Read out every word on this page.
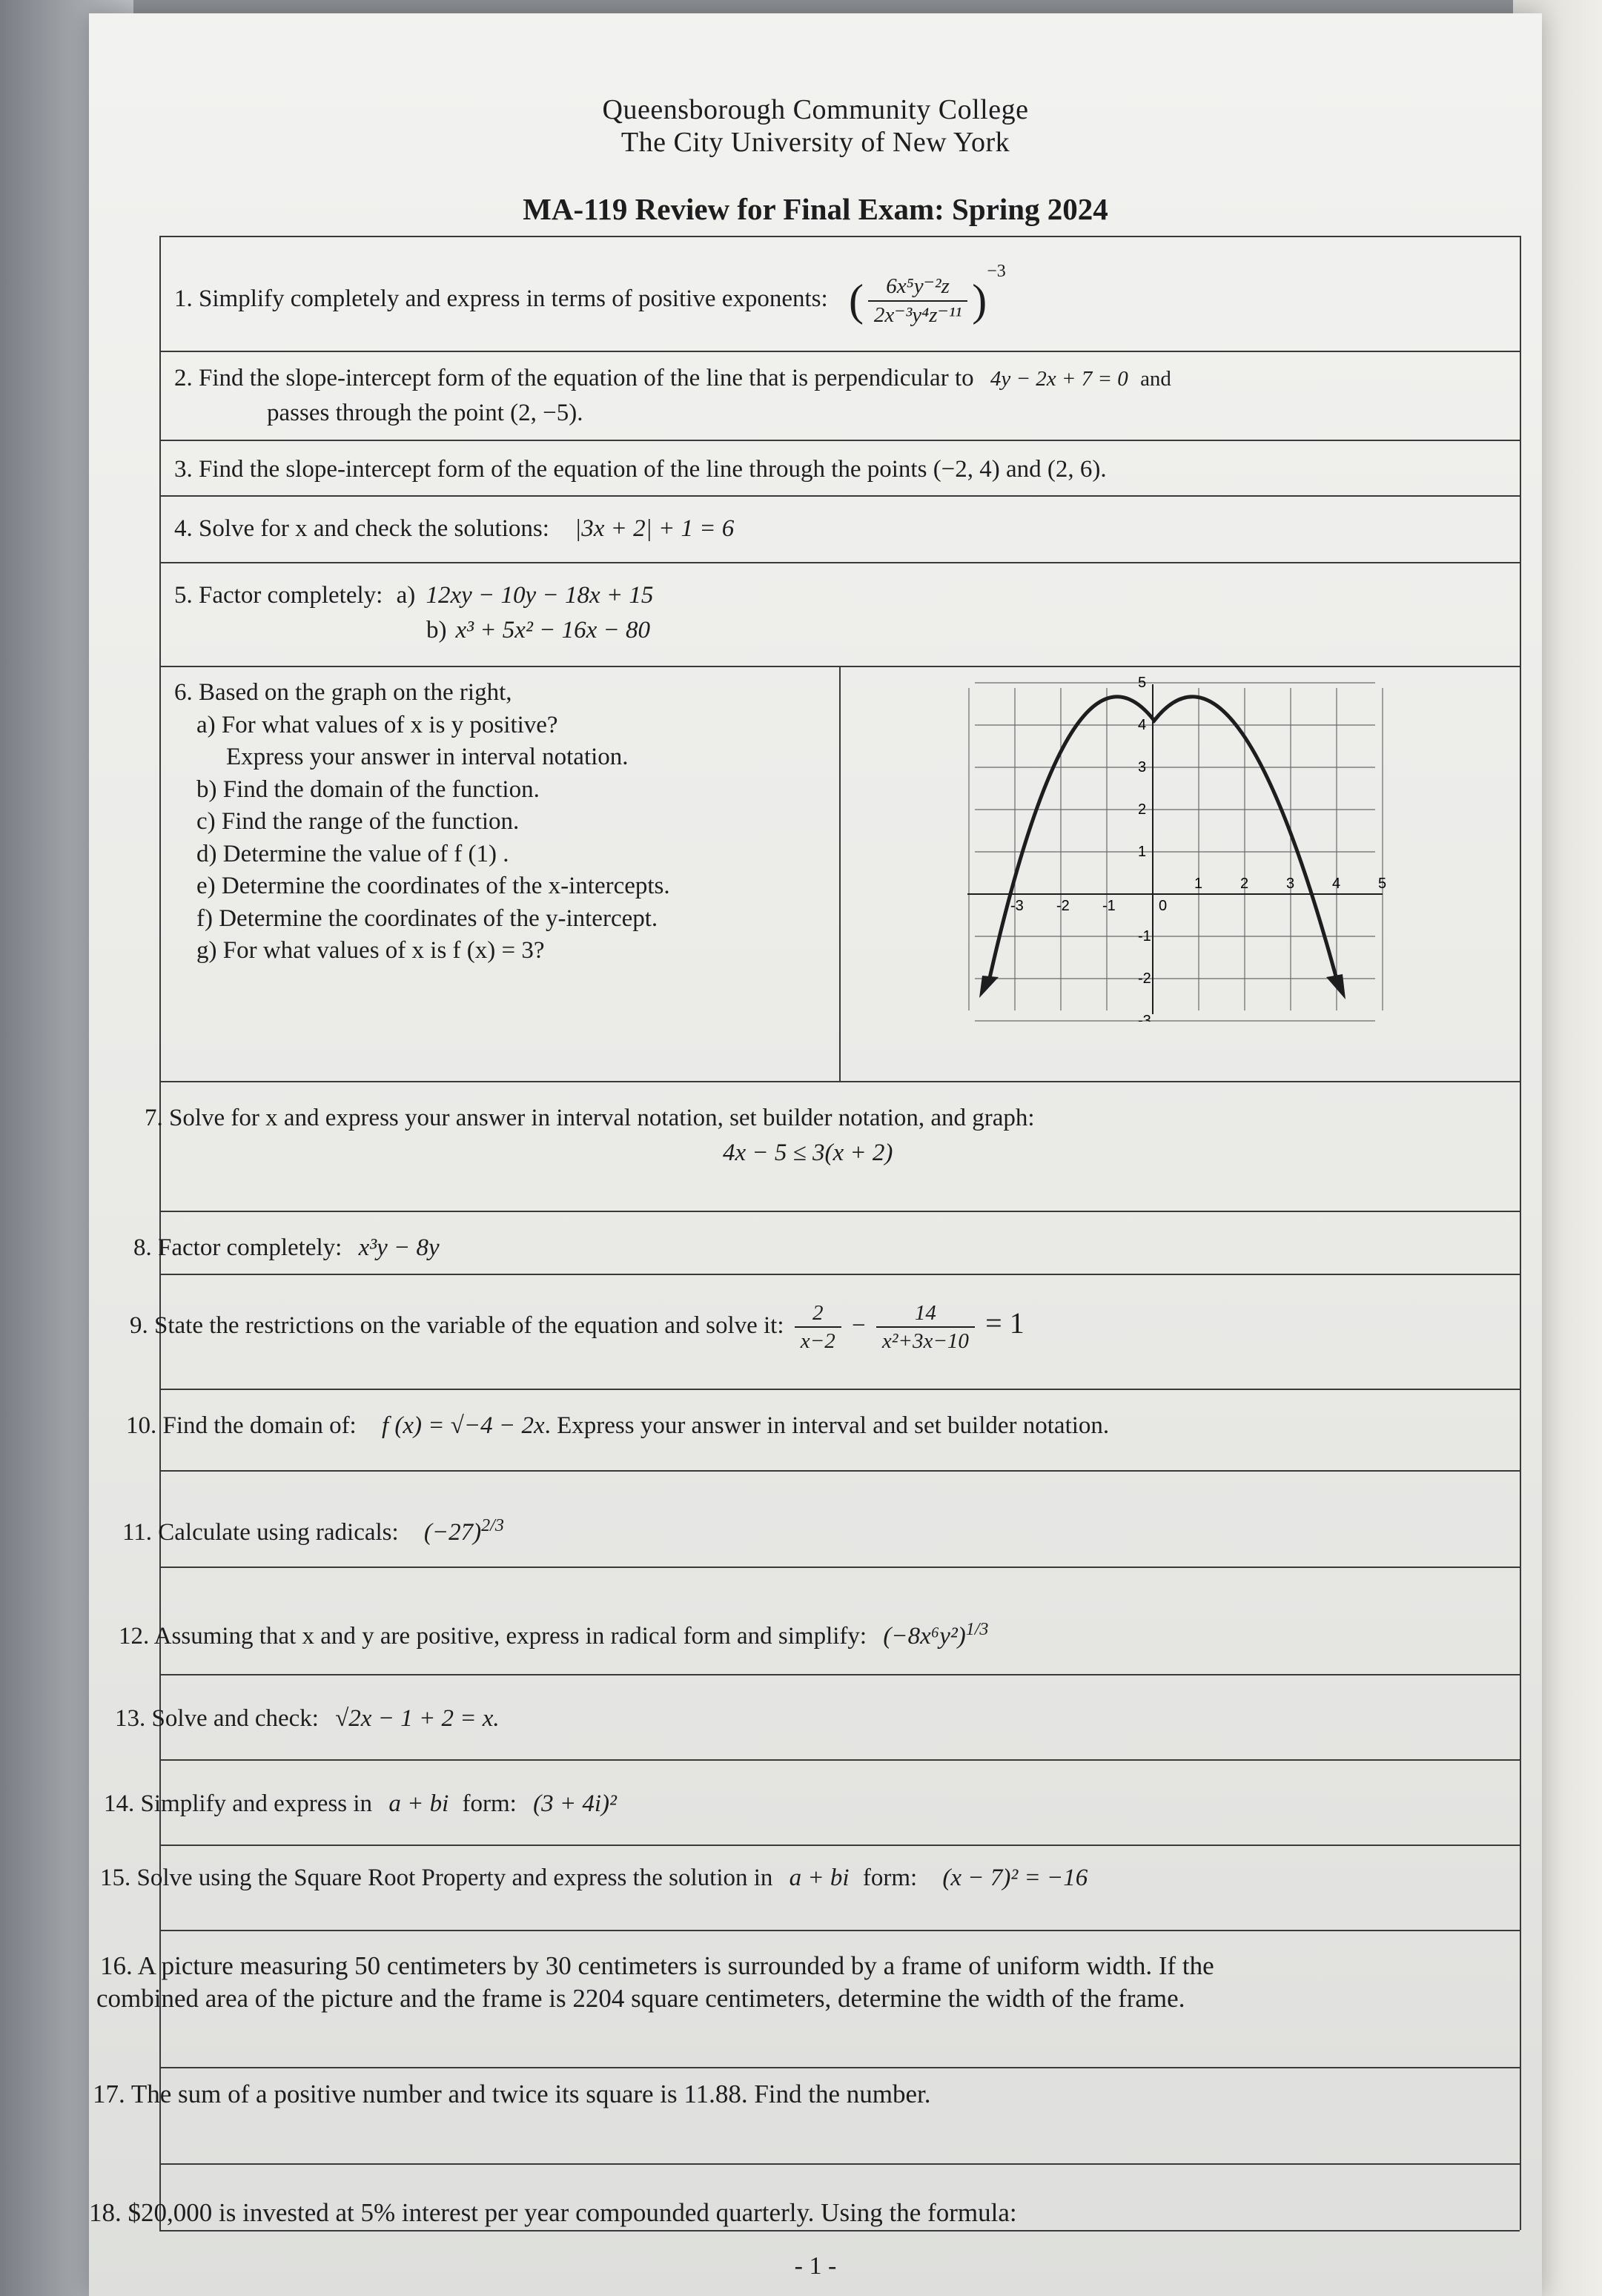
Queensborough Community College
The City University of New York
MA-119 Review for Final Exam: Spring 2024
1. Simplify completely and express in terms of positive exponents: ( $\frac{\text{6x⁵y⁻²z}}{\text{2x⁻³y⁴z⁻¹¹}} )^{-3}$
2. Find the slope-intercept form of the equation of the line that is perpendicular to 4y − 2x + 7 = 0 and
passes through the point (2, −5).
3. Find the slope-intercept form of the equation of the line through the points (−2, 4) and (2, 6).
4. Solve for x and check the solutions: |3x + 2| + 1 = 6
5. Factor completely: a) 12xy − 10y − 18x + 15
b) x³ + 5x² − 16x − 80
6. Based on the graph on the right,
a) For what values of x is y positive?
Express your answer in interval notation.
b) Find the domain of the function.
c) Find the range of the function.
d) Determine the value of f (1) .
e) Determine the coordinates of the x-intercepts.
f) Determine the coordinates of the y-intercept.
g) For what values of x is f (x) = 3?
-3 -2 -1	0
1	2	3	4	5
5
4
3
2
1
-1
-2
-3
7. Solve for x and express your answer in interval notation, set builder notation, and graph:
4x − 5 ≤ 3(x + 2)
8. Factor completely: x³y − 8y
9. State the restrictions on the variable of the equation and solve it: $\frac{2}{x-2} - \frac{14}{\text{x²+3x−10}} = 1$
10. Find the domain of: f (x) = √−4 − 2x. Express your answer in interval and set builder notation.
11. Calculate using radicals: $(-27)^{2/3}$
12. Assuming that x and y are positive, express in radical form and simplify: $(-8x^6y^2)^{1/3}$
13. Solve and check: √2x − 1 + 2 = x.
14. Simplify and express in a + bi form: (3 + 4i)²
15. Solve using the Square Root Property and express the solution in a + bi form: (x − 7)² = −16
16. A picture measuring 50 centimeters by 30 centimeters is surrounded by a frame of uniform width. If the
combined area of the picture and the frame is 2204 square centimeters, determine the width of the frame.
17. The sum of a positive number and twice its square is 11.88. Find the number.
18. $20,000 is invested at 5% interest per year compounded quarterly. Using the formula:
- 1 -
